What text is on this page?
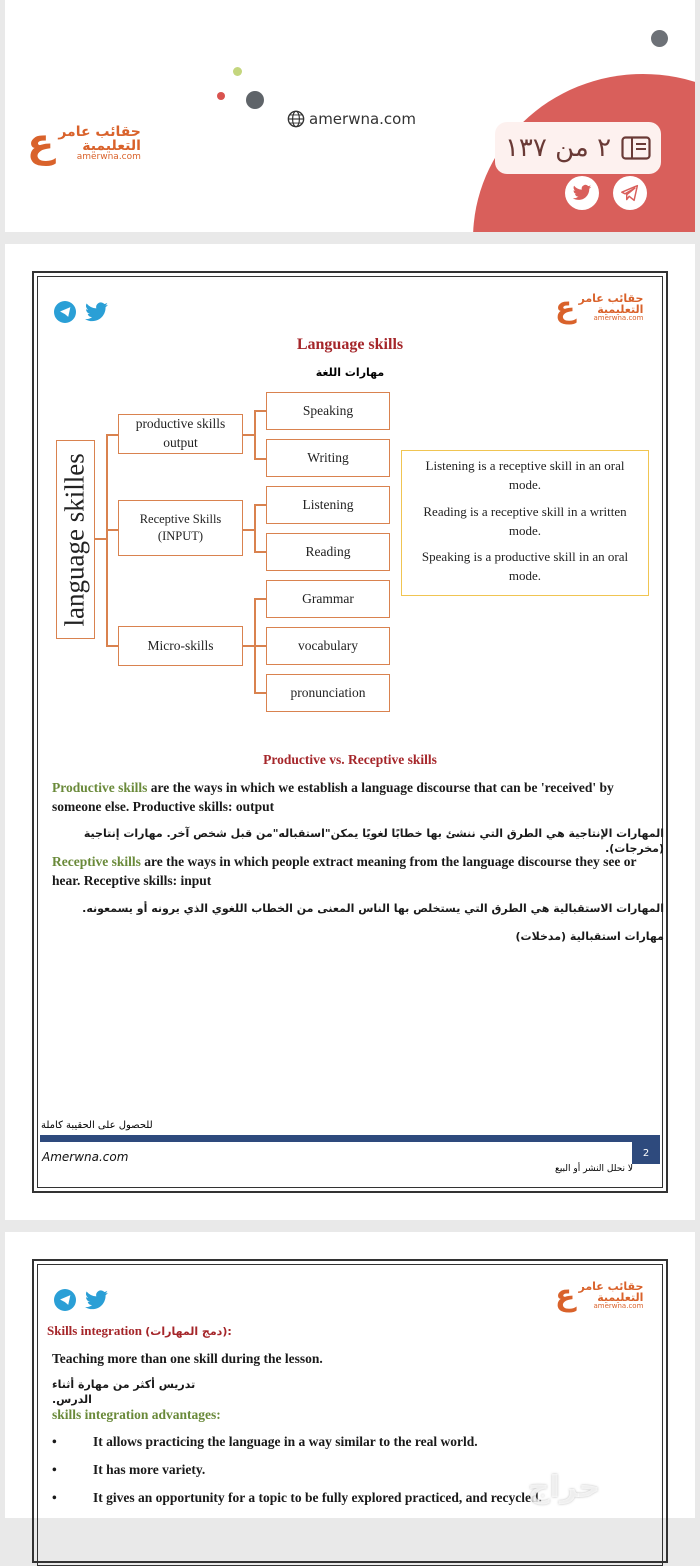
ع حقائب عامر
التعليمية
amerwna.com
amerwna.com
٢ من ١٣٧
ع حقائب عامر
التعليمية
amerwna.com
Language skills
مهارات اللغة
language skilles
productive skills output
Receptive Skills (INPUT)
Micro-skills
Speaking
Writing
Listening
Reading
Grammar
vocabulary
pronunciation
Listening is a receptive skill in an oral mode.
Reading is a receptive skill in a written mode.
Speaking is a productive skill in an oral mode.
Productive vs. Receptive skills
Productive skills are the ways in which we establish a language discourse that can be 'received' by someone else. Productive skills: output
المهارات الإنتاجية هي الطرق التي ننشئ بها خطابًا لغويًا يمكن"استقباله"من قبل شخص آخر. مهارات إنتاجية (مخرجات).
Receptive skills are the ways in which people extract meaning from the language discourse they see or hear. Receptive skills: input
المهارات الاستقبالية هي الطرق التي يستخلص بها الناس المعنى من الخطاب اللغوي الذي يرونه أو يسمعونه.
مهارات استقبالية (مدخلات)
للحصول على الحقيبة كاملة
Amerwna.com	2
لا نحلل النشر أو البيع
ع حقائب عامر
التعليمية
amerwna.com
Skills integration (دمج المهارات):
Teaching more than one skill during the lesson.
تدريس أكثر من مهارة أثناء الدرس.
skills integration advantages:
•	It allows practicing the language in a way similar to the real world.
•	It has more variety.
•	It gives an opportunity for a topic to be fully explored practiced, and recycled.
حراج
